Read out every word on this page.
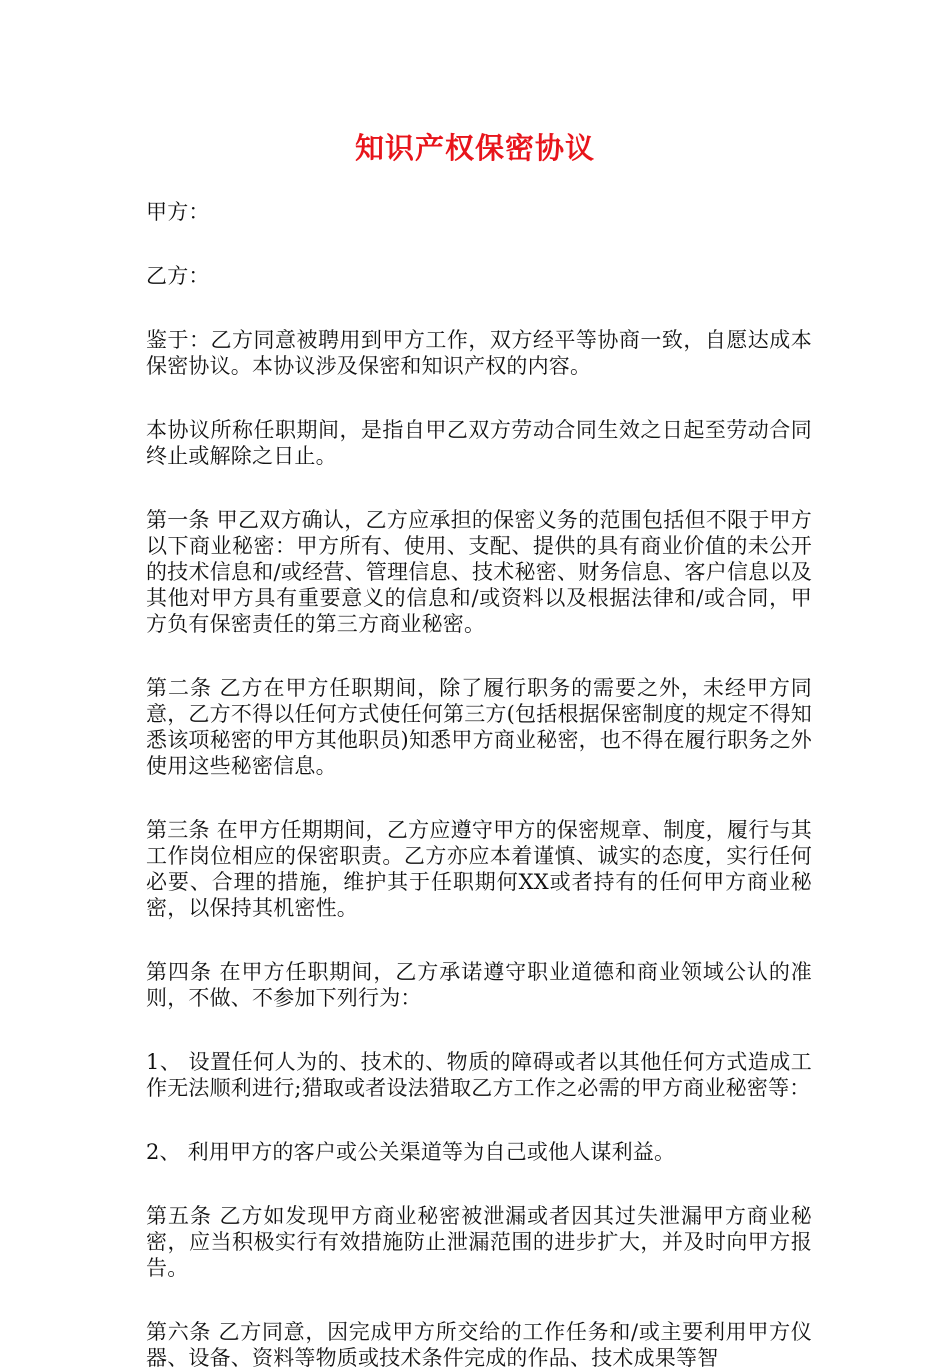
知识产权保密协议

甲方：

乙方：

鉴于：乙方同意被聘用到甲方工作，双方经平等协商一致，自愿达成本保密协议。本协议涉及保密和知识产权的内容。

本协议所称任职期间，是指自甲乙双方劳动合同生效之日起至劳动合同终止或解除之日止。

第一条 甲乙双方确认，乙方应承担的保密义务的范围包括但不限于甲方以下商业秘密：甲方所有、使用、支配、提供的具有商业价值的未公开的技术信息和/或经营、管理信息、技术秘密、财务信息、客户信息以及其他对甲方具有重要意义的信息和/或资料以及根据法律和/或合同，甲方负有保密责任的第三方商业秘密。

第二条 乙方在甲方任职期间，除了履行职务的需要之外，未经甲方同意，乙方不得以任何方式使任何第三方(包括根据保密制度的规定不得知悉该项秘密的甲方其他职员)知悉甲方商业秘密，也不得在履行职务之外使用这些秘密信息。

第三条 在甲方任期期间，乙方应遵守甲方的保密规章、制度，履行与其工作岗位相应的保密职责。乙方亦应本着谨慎、诚实的态度，实行任何必要、合理的措施，维护其于任职期何XX或者持有的任何甲方商业秘密，以保持其机密性。

第四条 在甲方任职期间，乙方承诺遵守职业道德和商业领域公认的准则，不做、不参加下列行为：

1、 设置任何人为的、技术的、物质的障碍或者以其他任何方式造成工作无法顺利进行;猎取或者设法猎取乙方工作之必需的甲方商业秘密等：

2、 利用甲方的客户或公关渠道等为自己或他人谋利益。

第五条 乙方如发现甲方商业秘密被泄漏或者因其过失泄漏甲方商业秘密，应当积极实行有效措施防止泄漏范围的进步扩大，并及时向甲方报告。

第六条 乙方同意，因完成甲方所交给的工作任务和/或主要利用甲方仪器、设备、资料等物质或技术条件完成的作品、技术成果等智
